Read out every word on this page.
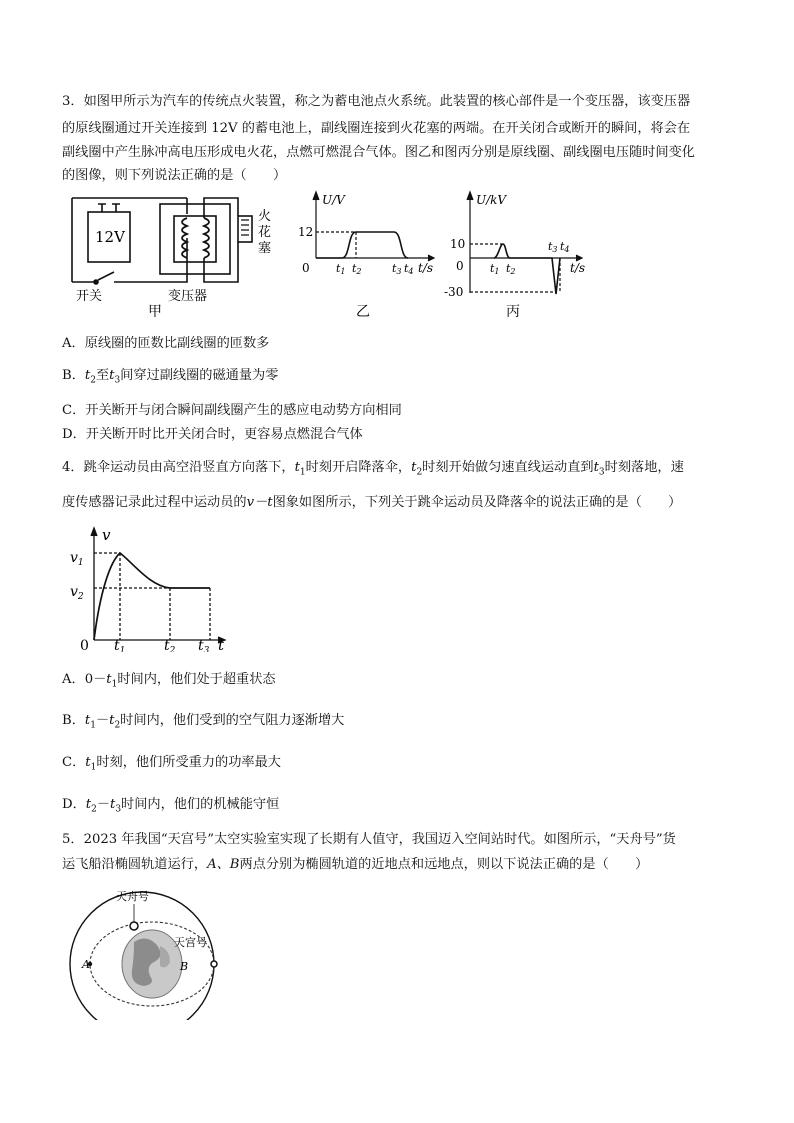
3．如图甲所示为汽车的传统点火装置，称之为蓄电池点火系统。此装置的核心部件是一个变压器，该变压器
的原线圈通过开关连接到 12V 的蓄电池上，副线圈连接到火花塞的两端。在开关闭合或断开的瞬间，将会在
副线圈中产生脉冲高电压形成电火花，点燃可燃混合气体。图乙和图丙分别是原线圈、副线圈电压随时间变化
的图像，则下列说法正确的是（　　）
12V
火
花
塞
开关	变压器
甲
U/V
12
0 t1 t2	t3 t4 t/s
乙
U/kV
10
0
-30
t1 t2
t3 t4
t/s
丙
A．原线圈的匝数比副线圈的匝数多
B．$t_2$至$t_3$间穿过副线圈的磁通量为零
C．开关断开与闭合瞬间副线圈产生的感应电动势方向相同
D．开关断开时比开关闭合时，更容易点燃混合气体
4．跳伞运动员由高空沿竖直方向落下，$t_1$时刻开启降落伞，$t_2$时刻开始做匀速直线运动直到$t_3$时刻落地，速
度传感器记录此过程中运动员的v－t图象如图所示，下列关于跳伞运动员及降落伞的说法正确的是（　　）
v
$v_1$
$v_2$
0 $t_1$	$t_2$ $t_3$ t
A．$0-t_1$时间内，他们处于超重状态
B．$t_1-t_2$时间内，他们受到的空气阻力逐渐增大
C．$t_1$时刻，他们所受重力的功率最大
D．$t_2-t_3$时间内，他们的机械能守恒
5．2023 年我国“天宫号”太空实验室实现了长期有人值守，我国迈入空间站时代。如图所示，“天舟号”货
运飞船沿椭圆轨道运行，A、B两点分别为椭圆轨道的近地点和远地点，则以下说法正确的是（　　）
天舟号
天宫号
A	B
